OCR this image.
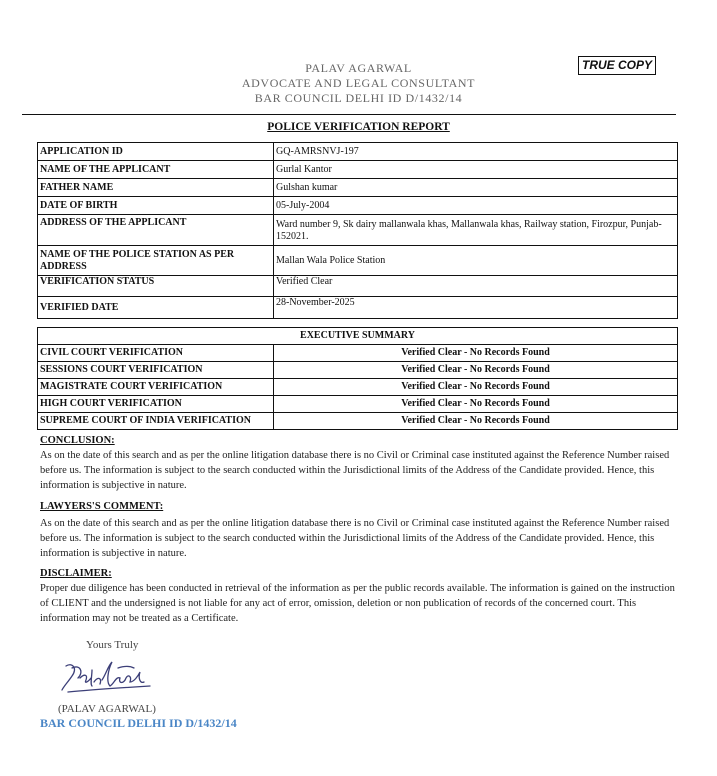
PALAV AGARWAL
ADVOCATE AND LEGAL CONSULTANT
BAR COUNCIL DELHI ID D/1432/14
TRUE COPY
POLICE VERIFICATION REPORT
APPLICATION ID	GQ-AMRSNVJ-197
NAME OF THE APPLICANT	Gurlal Kantor
FATHER NAME	Gulshan kumar
DATE OF BIRTH	05-July-2004
ADDRESS OF THE APPLICANT	Ward number 9, Sk dairy mallanwala khas, Mallanwala khas, Railway station, Firozpur, Punjab-152021.
NAME OF THE POLICE STATION AS PER ADDRESS	Mallan Wala Police Station
VERIFICATION STATUS	Verified Clear
VERIFIED DATE	28-November-2025
EXECUTIVE SUMMARY	
CIVIL COURT VERIFICATION	Verified Clear - No Records Found
SESSIONS COURT VERIFICATION	Verified Clear - No Records Found
MAGISTRATE COURT VERIFICATION	Verified Clear - No Records Found
HIGH COURT VERIFICATION	Verified Clear - No Records Found
SUPREME COURT OF INDIA VERIFICATION	Verified Clear - No Records Found
CONCLUSION:
As on the date of this search and as per the online litigation database there is no Civil or Criminal case instituted against the Reference Number raised before us. The information is subject to the search conducted within the Jurisdictional limits of the Address of the Candidate provided. Hence, this information is subjective in nature.
LAWYERS'S COMMENT:
As on the date of this search and as per the online litigation database there is no Civil or Criminal case instituted against the Reference Number raised before us. The information is subject to the search conducted within the Jurisdictional limits of the Address of the Candidate provided. Hence, this information is subjective in nature.
DISCLAIMER:
Proper due diligence has been conducted in retrieval of the information as per the public records available. The information is gained on the instruction of CLIENT and the undersigned is not liable for any act of error, omission, deletion or non publication of records of the concerned court. This information may not be treated as a Certificate.
Yours Truly
(PALAV AGARWAL)
BAR COUNCIL DELHI ID D/1432/14
